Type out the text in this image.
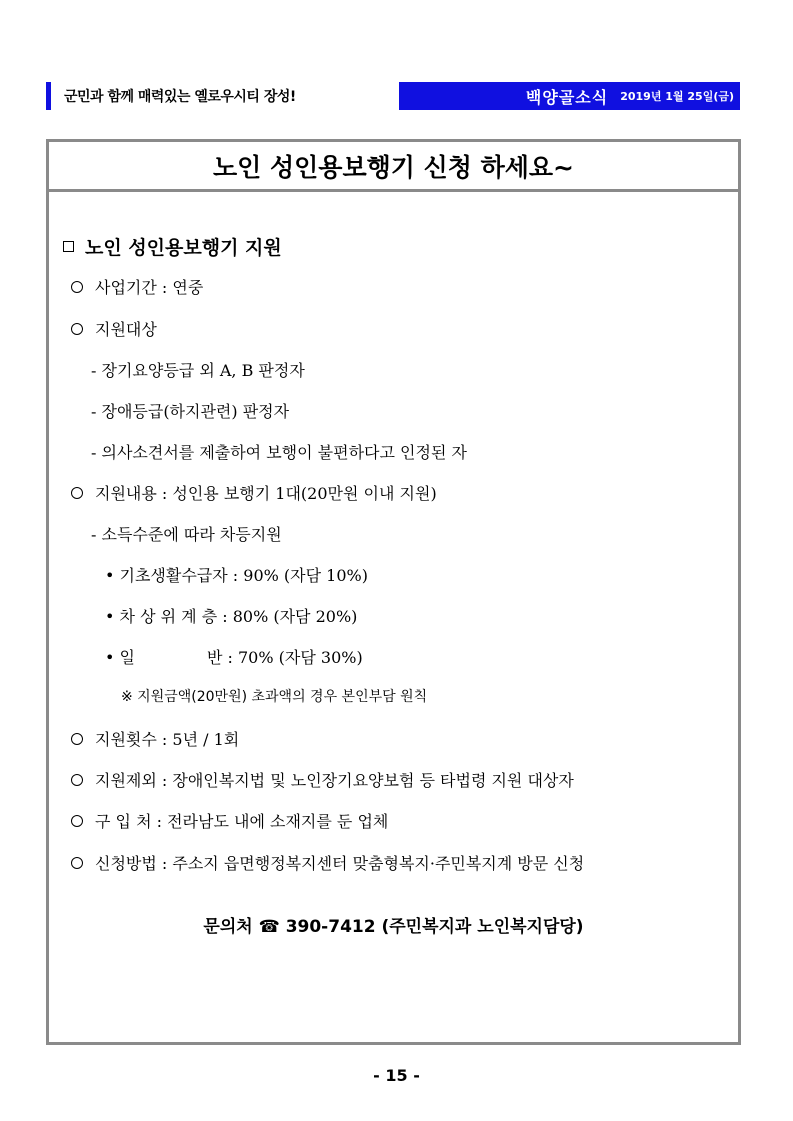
군민과 함께 매력있는 옐로우시티 장성!	백양골소식 2019년 1월 25일(금)
노인 성인용보행기 신청 하세요~
노인 성인용보행기 지원
사업기간 : 연중
지원대상
- 장기요양등급 외 A, B 판정자
- 장애등급(하지관련) 판정자
- 의사소견서를 제출하여 보행이 불편하다고 인정된 자
지원내용 : 성인용 보행기 1대(20만원 이내 지원)
- 소득수준에 따라 차등지원
• 기초생활수급자 : 90% (자담 10%)
• 차 상 위 계 층 : 80% (자담 20%)
• 일	반 : 70% (자담 30%)
※ 지원금액(20만원) 초과액의 경우 본인부담 원칙
지원횟수 : 5년 / 1회
지원제외 : 장애인복지법 및 노인장기요양보험 등 타법령 지원 대상자
구 입 처 : 전라남도 내에 소재지를 둔 업체
신청방법 : 주소지 읍면행정복지센터 맞춤형복지·주민복지계 방문 신청
문의처 ☎ 390-7412 (주민복지과 노인복지담당)
- 15 -
